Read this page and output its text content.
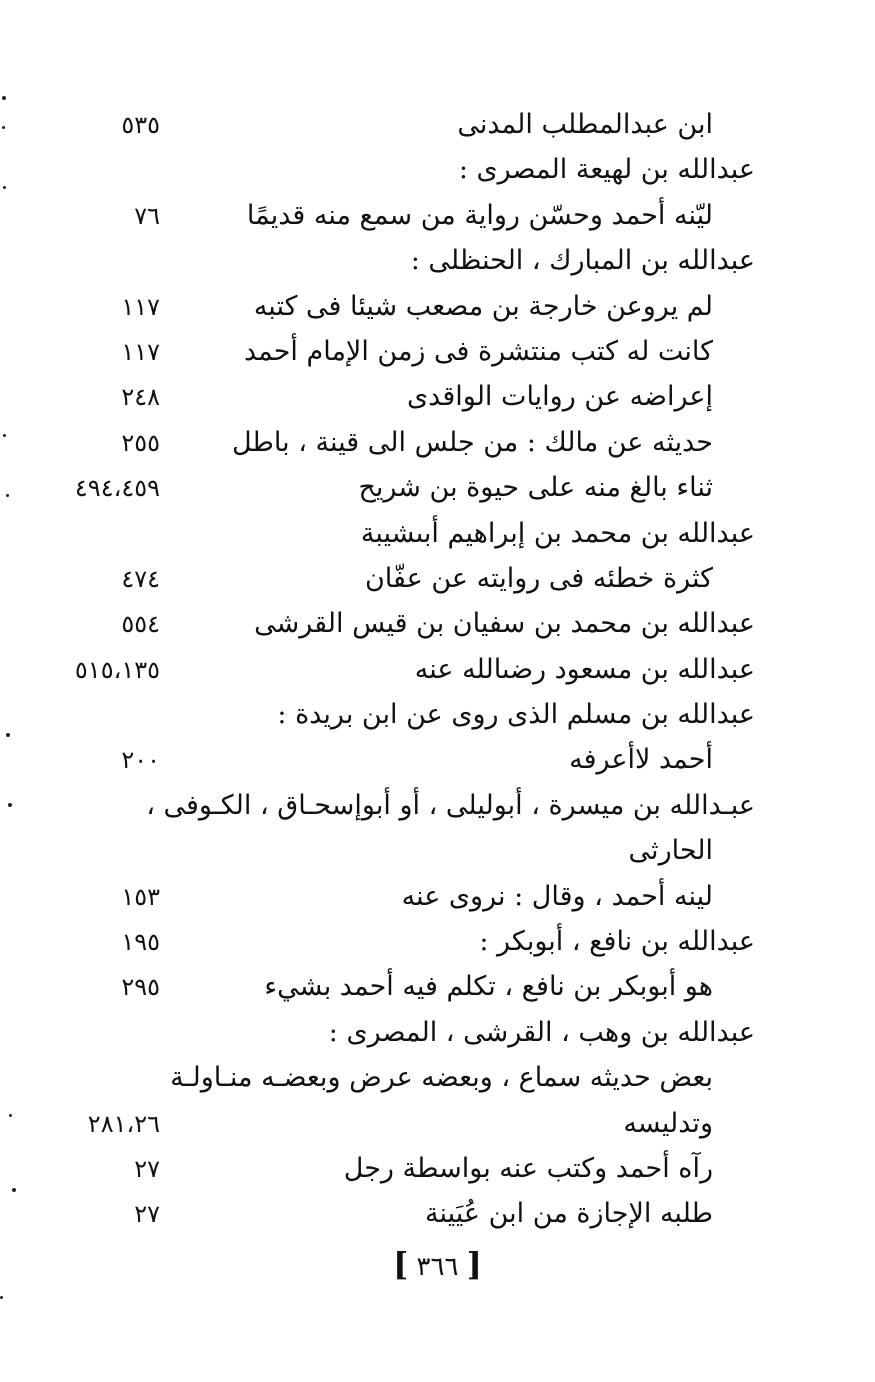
ابن عبدالمطلب المدنى
٥٣٥
عبدالله بن لهيعة المصرى :
ليّنه أحمد وحسّن رواية من سمع منه قديمًا
٧٦
عبدالله بن المبارك ، الحنظلى :
لم يروعن خارجة بن مصعب شيئا فى كتبه
١١٧
كانت له كتب منتشرة فى زمن الإمام أحمد
١١٧
إعراضه عن روايات الواقدى
٢٤٨
حديثه عن مالك : من جلس الى قينة ، باطل
٢٥٥
ثناء بالغ منه على حيوة بن شريح
٤٩٤،٤٥٩
عبدالله بن محمد بن إبراهيم أبىشيبة
كثرة خطئه فى روايته عن عفّان
٤٧٤
عبدالله بن محمد بن سفيان بن قيس القرشى
٥٥٤
عبدالله بن مسعود رضىالله عنه
٥١٥،١٣٥
عبدالله بن مسلم الذى روى عن ابن بريدة :
أحمد لاأعرفه
٢٠٠
عبـدالله بن ميسرة ، أبوليلى ، أو أبوإسحـاق ، الكـوفى ،
الحارثى
لينه أحمد ، وقال : نروى عنه
١٥٣
عبدالله بن نافع ، أبوبكر :
١٩٥
هو أبوبكر بن نافع ، تكلم فيه أحمد بشيء
٢٩٥
عبدالله بن وهب ، القرشى ، المصرى :
بعض حديثه سماع ، وبعضه عرض وبعضـه منـاولـة
وتدليسه
٢٨١،٢٦
رآه أحمد وكتب عنه بواسطة رجل
٢٧
طلبه الإجازة من ابن عُيَينة
٢٧
[ ٣٦٦ ]
